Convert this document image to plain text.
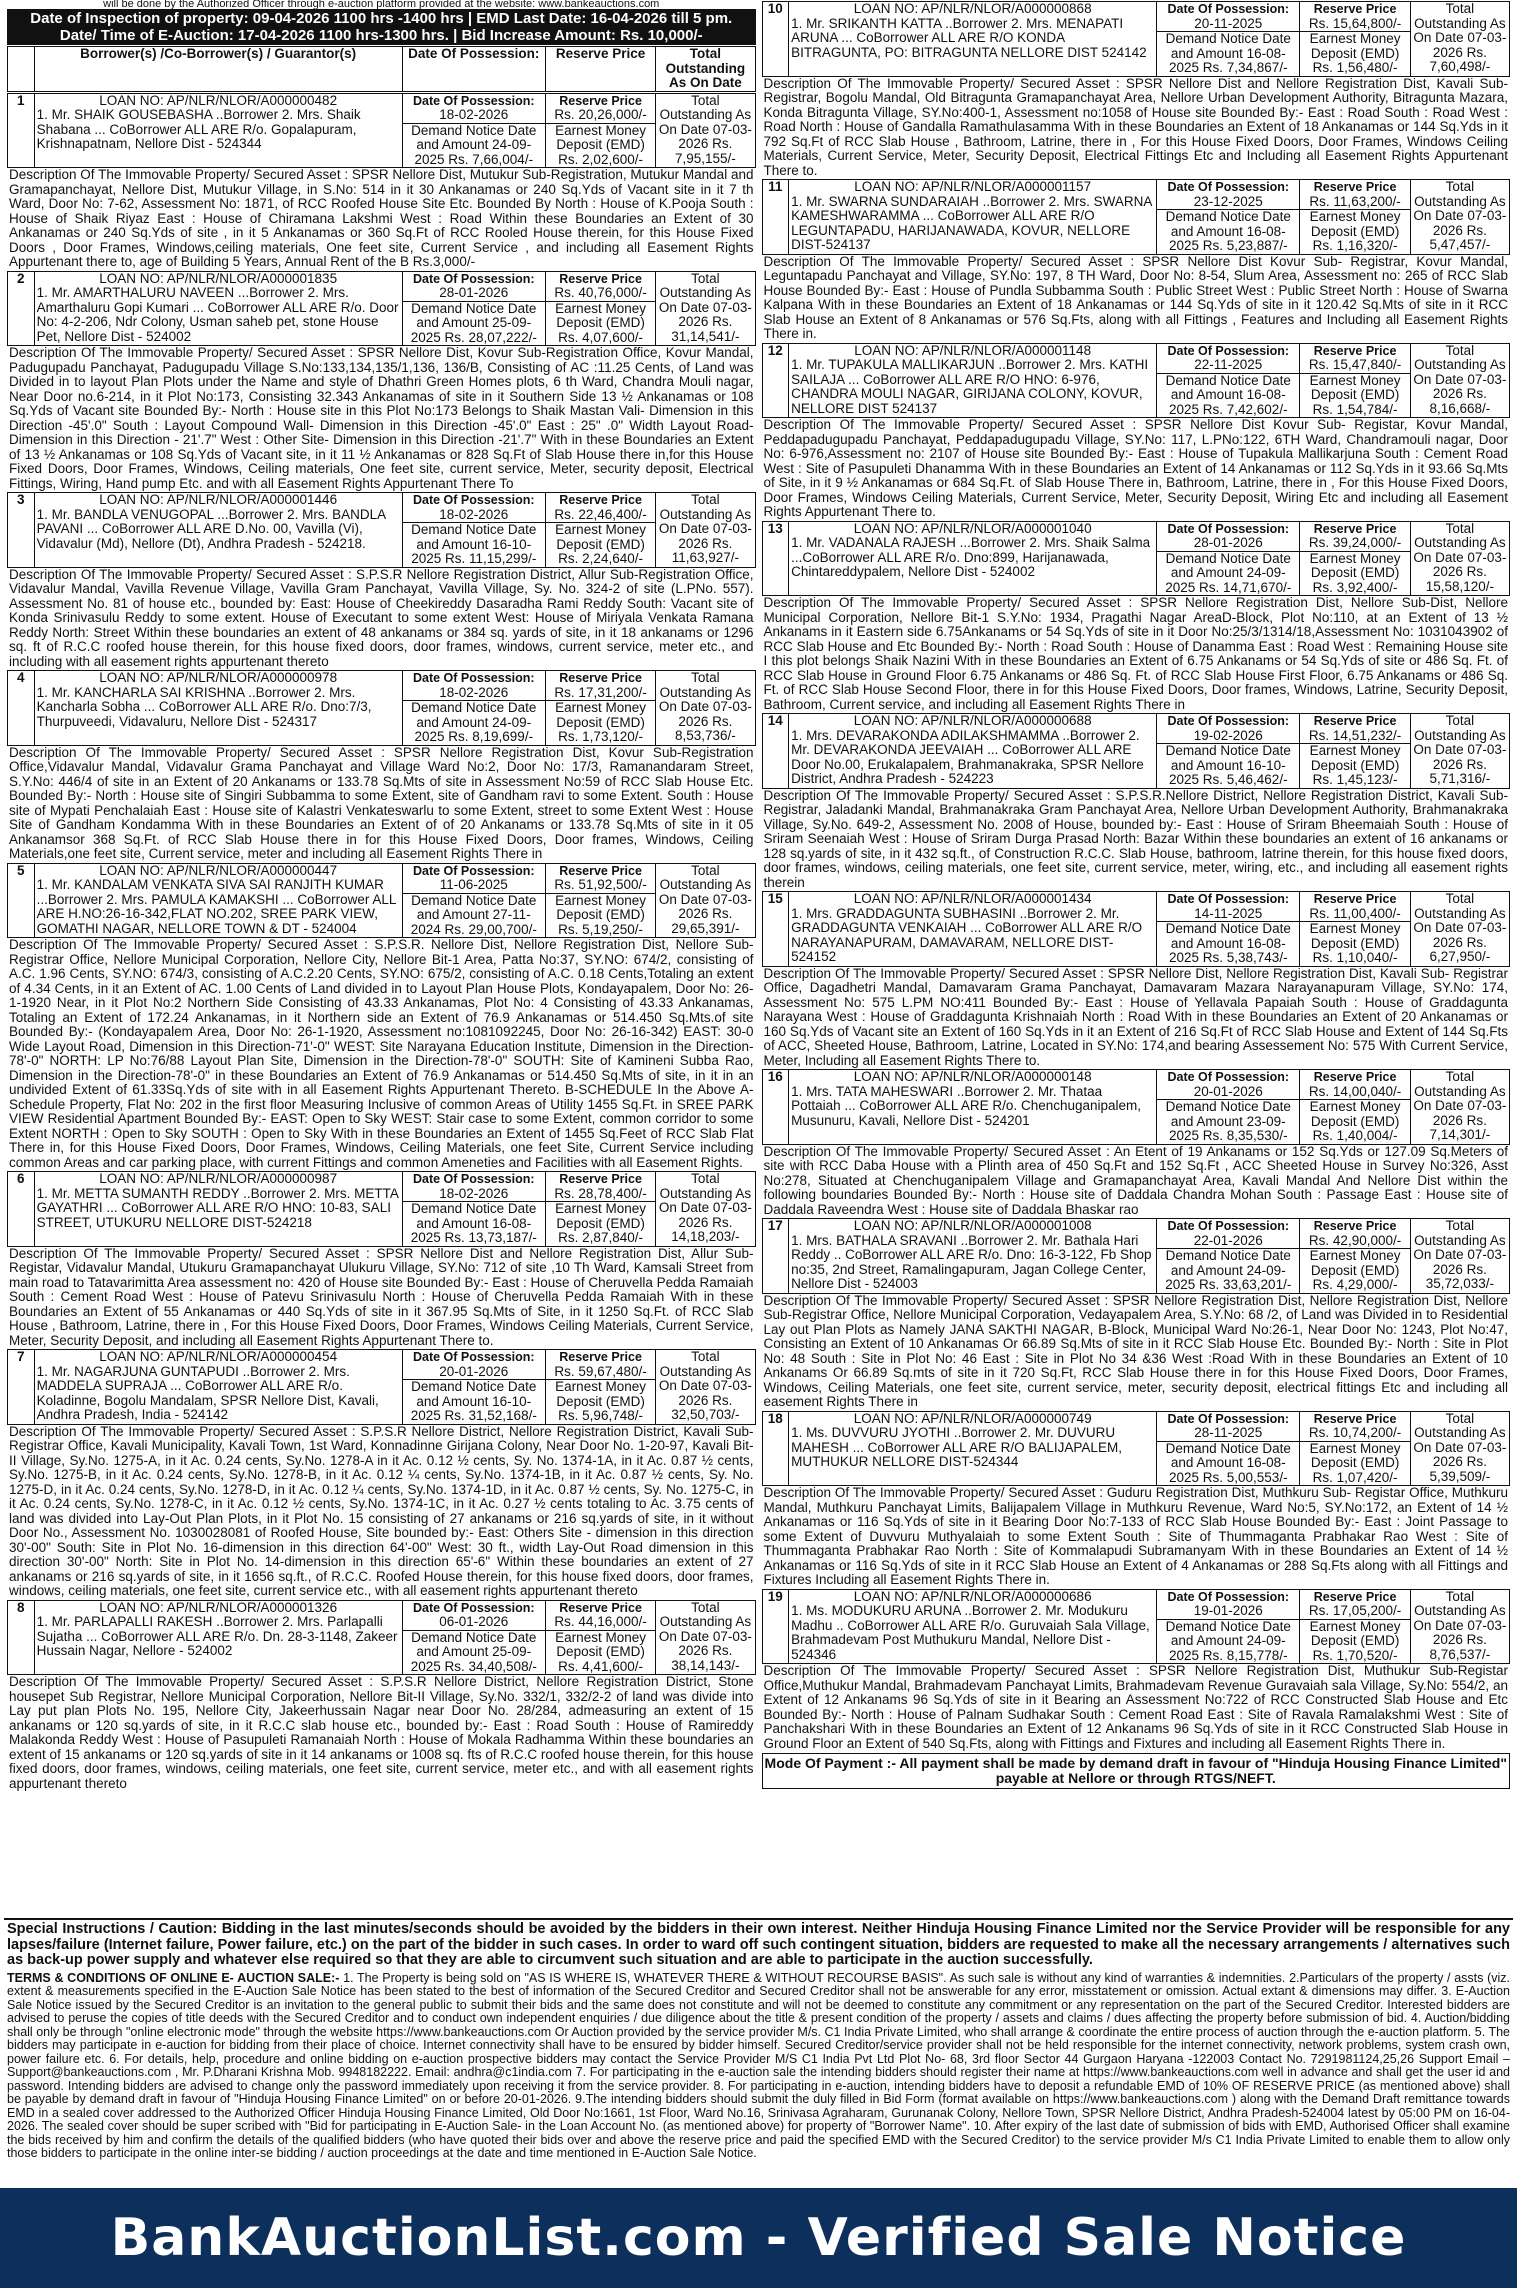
will be done by the Authorized Officer through e-auction platform provided at the website: www.bankeauctions.com
Date of Inspection of property: 09-04-2026 1100 hrs -1400 hrs | EMD Last Date: 16-04-2026 till 5 pm.
Date/ Time of E-Auction: 17-04-2026 1100 hrs-1300 hrs. | Bid Increase Amount: Rs. 10,000/-
	Borrower(s) /Co-Borrower(s) / Guarantor(s)	Date Of Possession:	Reserve Price	Total Outstanding As On Date
1	LOAN NO: AP/NLR/NLOR/A000000482
1. Mr. SHAIK GOUSEBASHA ..Borrower 2. Mrs. Shaik Shabana ... CoBorrower ALL ARE R/o. Gopalapuram, Krishnapatnam, Nellore Dist - 524344	Date Of Possession:
18-02-2026	Reserve Price
Rs. 20,26,000/-	Total Outstanding As On Date 07-03-2026 Rs. 7,95,155/-
		Demand Notice Date and Amount 24-09-2025 Rs. 7,66,004/-	Earnest Money Deposit (EMD) Rs. 2,02,600/-	
Description Of The Immovable Property/ Secured Asset : SPSR Nellore Dist, Mutukur Sub-Registration, Mutukur Mandal and Gramapanchayat, Nellore Dist, Mutukur Village, in S.No: 514 in it 30 Ankanamas or 240 Sq.Yds of Vacant site in it 7 th Ward, Door No: 7-62, Assessment No: 1871, of RCC Roofed House Site Etc. Bounded By North : House of K.Pooja South : House of Shaik Riyaz East : House of Chiramana Lakshmi West : Road Within these Boundaries an Extent of 30 Ankanamas or 240 Sq.Yds of site , in it 5 Ankanamas or 360 Sq.Ft of RCC Rooled House therein, for this House Fixed Doors , Door Frames, Windows,ceiling materials, One feet site, Current Service , and including all Easement Rights Appurtenant there to, age of Building 5 Years, Annual Rent of the B Rs.3,000/-
2	LOAN NO: AP/NLR/NLOR/A000001835
1. Mr. AMARTHALURU NAVEEN ...Borrower 2. Mrs. Amarthaluru Gopi Kumari ... CoBorrower ALL ARE R/o. Door No: 4-2-206, Ndr Colony, Usman saheb pet, stone House Pet, Nellore Dist - 524002	Date Of Possession:
28-01-2026	Reserve Price
Rs. 40,76,000/-	Total Outstanding As On Date 07-03-2026 Rs. 31,14,541/-
		Demand Notice Date and Amount 25-09-2025 Rs. 28,07,222/-	Earnest Money Deposit (EMD) Rs. 4,07,600/-	
Description Of The Immovable Property/ Secured Asset : SPSR Nellore Dist, Kovur Sub-Registration Office, Kovur Mandal, Padugupadu Panchayat, Padugupadu Village S.No:133,134,135/1,136, 136/B, Consisting of AC :11.25 Cents, of Land was Divided in to layout Plan Plots under the Name and style of Dhathri Green Homes plots, 6 th Ward, Chandra Mouli nagar, Near Door no.6-214, in it Plot No:173, Consisting 32.343 Ankanamas of site in it Southern Side 13 ½ Ankanamas or 108 Sq.Yds of Vacant site Bounded By:- North : House site in this Plot No:173 Belongs to Shaik Mastan Vali- Dimension in this Direction -45'.0" South : Layout Compound Wall- Dimension in this Direction -45'.0" East : 25" .0" Width Layout Road- Dimension in this Direction - 21'.7" West : Other Site- Dimension in this Direction -21'.7" With in these Boundaries an Extent of 13 ½ Ankanamas or 108 Sq.Yds of Vacant site, in it 11 ½ Ankanamas or 828 Sq.Ft of Slab House there in,for this House Fixed Doors, Door Frames, Windows, Ceiling materials, One feet site, current service, Meter, security deposit, Electrical Fittings, Wiring, Hand pump Etc. and with all Easement Rights Appurtenant There To
3	LOAN NO: AP/NLR/NLOR/A000001446
1. Mr. BANDLA VENUGOPAL ...Borrower 2. Mrs. BANDLA PAVANI ... CoBorrower ALL ARE D.No. 00, Vavilla (Vi), Vidavalur (Md), Nellore (Dt), Andhra Pradesh - 524218.	Date Of Possession:
18-02-2026	Reserve Price
Rs. 22,46,400/-	Total Outstanding As On Date 07-03-2026 Rs. 11,63,927/-
		Demand Notice Date and Amount 16-10-2025 Rs. 11,15,299/-	Earnest Money Deposit (EMD) Rs. 2,24,640/-	
Description Of The Immovable Property/ Secured Asset : S.P.S.R Nellore Registration District, Allur Sub-Registration Office, Vidavalur Mandal, Vavilla Revenue Village, Vavilla Gram Panchayat, Vavilla Village, Sy. No. 324-2 of site (L.PNo. 557). Assessment No. 81 of house etc., bounded by: East: House of Cheekireddy Dasaradha Rami Reddy South: Vacant site of Konda Srinivasulu Reddy to some extent. House of Executant to some extent West: House of Miriyala Venkata Ramana Reddy North: Street Within these boundaries an extent of 48 ankanams or 384 sq. yards of site, in it 18 ankanams or 1296 sq. ft of R.C.C roofed house therein, for this house fixed doors, door frames, windows, current service, meter etc., and including with all easement rights appurtenant thereto
4	LOAN NO: AP/NLR/NLOR/A000000978
1. Mr. KANCHARLA SAI KRISHNA ..Borrower 2. Mrs. Kancharla Sobha ... CoBorrower ALL ARE R/o. Dno:7/3, Thurpuveedi, Vidavaluru, Nellore Dist - 524317	Date Of Possession:
18-02-2026	Reserve Price
Rs. 17,31,200/-	Total Outstanding As On Date 07-03-2026 Rs. 8,53,736/-
		Demand Notice Date and Amount 24-09-2025 Rs. 8,19,699/-	Earnest Money Deposit (EMD) Rs. 1,73,120/-	
Description Of The Immovable Property/ Secured Asset : SPSR Nellore Registration Dist, Kovur Sub-Registration Office,Vidavalur Mandal, Vidavalur Grama Panchayat and Village Ward No:2, Door No: 17/3, Ramanandaram Street, S.Y.No: 446/4 of site in an Extent of 20 Ankanams or 133.78 Sq.Mts of site in Assessment No:59 of RCC Slab House Etc. Bounded By:- North : House site of Singiri Subbamma to some Extent, site of Gandham ravi to some Extent. South : House site of Mypati Penchalaiah East : House site of Kalastri Venkateswarlu to some Extent, street to some Extent West : House Site of Gandham Kondamma With in these Boundaries an Extent of of 20 Ankanams or 133.78 Sq.Mts of site in it 05 Ankanamsor 368 Sq.Ft. of RCC Slab House there in for this House Fixed Doors, Door frames, Windows, Ceiling Materials,one feet site, Current service, meter and including all Easement Rights There in
5	LOAN NO: AP/NLR/NLOR/A000000447
1. Mr. KANDALAM VENKATA SIVA SAI RANJITH KUMAR ...Borrower 2. Mrs. PAMULA KAMAKSHI ... CoBorrower ALL ARE H.NO:26-16-342,FLAT NO.202, SREE PARK VIEW, GOMATHI NAGAR, NELLORE TOWN & DT - 524004	Date Of Possession:
11-06-2025	Reserve Price
Rs. 51,92,500/-	Total Outstanding As On Date 07-03-2026 Rs. 29,65,391/-
		Demand Notice Date and Amount 27-11-2024 Rs. 29,00,700/-	Earnest Money Deposit (EMD) Rs. 5,19,250/-	
Description Of The Immovable Property/ Secured Asset : S.P.S.R. Nellore Dist, Nellore Registration Dist, Nellore Sub-Registrar Office, Nellore Municipal Corporation, Nellore City, Nellore Bit-1 Area, Patta No:37, SY.NO: 674/2, consisting of A.C. 1.96 Cents, SY.NO: 674/3, consisting of A.C.2.20 Cents, SY.NO: 675/2, consisting of A.C. 0.18 Cents,Totaling an extent of 4.34 Cents, in it an Extent of AC. 1.00 Cents of Land divided in to Layout Plan House Plots, Kondayapalem, Door No: 26-1-1920 Near, in it Plot No:2 Northern Side Consisting of 43.33 Ankanamas, Plot No: 4 Consisting of 43.33 Ankanamas, Totaling an Extent of 172.24 Ankanamas, in it Northern side an Extent of 76.9 Ankanamas or 514.450 Sq.Mts.of site Bounded By:- (Kondayapalem Area, Door No: 26-1-1920, Assessment no:1081092245, Door No: 26-16-342) EAST: 30-0 Wide Layout Road, Dimension in this Direction-71'-0" WEST: Site Narayana Education Institute, Dimension in the Direction-78'-0" NORTH: LP No:76/88 Layout Plan Site, Dimension in the Direction-78'-0" SOUTH: Site of Kamineni Subba Rao, Dimension in the Direction-78'-0" in these Boundaries an Extent of 76.9 Ankanamas or 514.450 Sq.Mts of site, in it in an undivided Extent of 61.33Sq.Yds of site with in all Easement Rights Appurtenant Thereto. B-SCHEDULE In the Above A-Schedule Property, Flat No: 202 in the first floor Measuring Inclusive of common Areas of Utility 1455 Sq.Ft. in SREE PARK VIEW Residential Apartment Bounded By:- EAST: Open to Sky WEST: Stair case to some Extent, common corridor to some Extent NORTH : Open to Sky SOUTH : Open to Sky With in these Boundaries an Extent of 1455 Sq.Feet of RCC Slab Flat There in, for this House Fixed Doors, Door Frames, Windows, Ceiling Materials, one feet Site, Current Service including common Areas and car parking place, with current Fittings and common Ameneties and Facilities with all Easement Rights.
6	LOAN NO: AP/NLR/NLOR/A000000987
1. Mr. METTA SUMANTH REDDY ..Borrower 2. Mrs. METTA GAYATHRI ... CoBorrower ALL ARE R/O HNO: 10-83, SALI STREET, UTUKURU NELLORE DIST-524218	Date Of Possession:
18-02-2026	Reserve Price
Rs. 28,78,400/-	Total Outstanding As On Date 07-03-2026 Rs. 14,18,203/-
		Demand Notice Date and Amount 16-08-2025 Rs. 13,73,187/-	Earnest Money Deposit (EMD) Rs. 2,87,840/-	
Description Of The Immovable Property/ Secured Asset : SPSR Nellore Dist and Nellore Registration Dist, Allur Sub- Registar, Vidavalur Mandal, Utukuru Gramapanchayat Ulukuru Village, SY.No: 712 of site ,10 Th Ward, Kamsali Street from main road to Tatavarimitta Area assessment no: 420 of House site Bounded By:- East : House of Cheruvella Pedda Ramaiah South : Cement Road West : House of Patevu Srinivasulu North : House of Cheruvella Pedda Ramaiah With in these Boundaries an Extent of 55 Ankanamas or 440 Sq.Yds of site in it 367.95 Sq.Mts of Site, in it 1250 Sq.Ft. of RCC Slab House , Bathroom, Latrine, there in , For this House Fixed Doors, Door Frames, Windows Ceiling Materials, Current Service, Meter, Security Deposit, and including all Easement Rights Appurtenant There to.
7	LOAN NO: AP/NLR/NLOR/A000000454
1. Mr. NAGARJUNA GUNTAPUDI ..Borrower 2. Mrs. MADDELA SUPRAJA ... CoBorrower ALL ARE R/o. Koladinne, Bogolu Mandalam, SPSR Nellore Dist, Kavali, Andhra Pradesh, India - 524142	Date Of Possession:
20-01-2026	Reserve Price
Rs. 59,67,480/-	Total Outstanding As On Date 07-03-2026 Rs. 32,50,703/-
		Demand Notice Date and Amount 16-10-2025 Rs. 31,52,168/-	Earnest Money Deposit (EMD) Rs. 5,96,748/-	
Description Of The Immovable Property/ Secured Asset : S.P.S.R Nellore District, Nellore Registration District, Kavali Sub-Registrar Office, Kavali Municipality, Kavali Town, 1st Ward, Konnadinne Girijana Colony, Near Door No. 1-20-97, Kavali Bit-II Village, Sy.No. 1275-A, in it Ac. 0.24 cents, Sy.No. 1278-A in it Ac. 0.12 ½ cents, Sy. No. 1374-1A, in it Ac. 0.87 ½ cents, Sy.No. 1275-B, in it Ac. 0.24 cents, Sy.No. 1278-B, in it Ac. 0.12 ¼ cents, Sy.No. 1374-1B, in it Ac. 0.87 ½ cents, Sy. No. 1275-D, in it Ac. 0.24 cents, Sy.No. 1278-D, in it Ac. 0.12 ¼ cents, Sy.No. 1374-1D, in it Ac. 0.87 ½ cents, Sy. No. 1275-C, in it Ac. 0.24 cents, Sy.No. 1278-C, in it Ac. 0.12 ½ cents, Sy.No. 1374-1C, in it Ac. 0.27 ½ cents totaling to Ac. 3.75 cents of land was divided into Lay-Out Plan Plots, in it Plot No. 15 consisting of 27 ankanams or 216 sq.yards of site, in it without Door No., Assessment No. 1030028081 of Roofed House, Site bounded by:- East: Others Site - dimension in this direction 30'-00" South: Site in Plot No. 16-dimension in this direction 64'-00" West: 30 ft., width Lay-Out Road dimension in this direction 30'-00" North: Site in Plot No. 14-dimension in this direction 65'-6" Within these boundaries an extent of 27 ankanams or 216 sq.yards of site, in it 1656 sq.ft., of R.C.C. Roofed House therein, for this house fixed doors, door frames, windows, ceiling materials, one feet site, current service etc., with all easement rights appurtenant thereto
8	LOAN NO: AP/NLR/NLOR/A000001326
1. Mr. PARLAPALLI RAKESH ..Borrower 2. Mrs. Parlapalli Sujatha ... CoBorrower ALL ARE R/o. Dn. 28-3-1148, Zakeer Hussain Nagar, Nellore - 524002	Date Of Possession:
06-01-2026	Reserve Price
Rs. 44,16,000/-	Total Outstanding As On Date 07-03-2026 Rs. 38,14,143/-
		Demand Notice Date and Amount 25-09-2025 Rs. 34,40,508/-	Earnest Money Deposit (EMD) Rs. 4,41,600/-	
Description Of The Immovable Property/ Secured Asset : S.P.S.R Nellore District, Nellore Registration District, Stone housepet Sub Registrar, Nellore Municipal Corporation, Nellore Bit-II Village, Sy.No. 332/1, 332/2-2 of land was divide into Lay put plan Plots No. 195, Nellore City, Jakeerhussain Nagar near Door No. 28/284, admeasuring an extent of 15 ankanams or 120 sq.yards of site, in it R.C.C slab house etc., bounded by:- East : Road South : House of Ramireddy Malakonda Reddy West : House of Pasupuleti Ramanaiah North : House of Mokala Radhamma Within these boundaries an extent of 15 ankanams or 120 sq.yards of site in it 14 ankanams or 1008 sq. fts of R.C.C roofed house therein, for this house fixed doors, door frames, windows, ceiling materials, one feet site, current service, meter etc., and with all easement rights appurtenant thereto
10	LOAN NO: AP/NLR/NLOR/A000000868
1. Mr. SRIKANTH KATTA ..Borrower 2. Mrs. MENAPATI ARUNA ... CoBorrower ALL ARE R/O KONDA BITRAGUNTA, PO: BITRAGUNTA NELLORE DIST 524142	Date Of Possession:
20-11-2025	Reserve Price
Rs. 15,64,800/-	Total Outstanding As On Date 07-03-2026 Rs. 7,60,498/-
		Demand Notice Date and Amount 16-08-2025 Rs. 7,34,867/-	Earnest Money Deposit (EMD) Rs. 1,56,480/-	
Description Of The Immovable Property/ Secured Asset : SPSR Nellore Dist and Nellore Registration Dist, Kavali Sub- Registrar, Bogolu Mandal, Old Bitragunta Gramapanchayat Area, Nellore Urban Development Authority, Bitragunta Mazara, Konda Bitragunta Village, SY.No:400-1, Assessment no:1058 of House site Bounded By:- East : Road South : Road West : Road North : House of Gandalla Ramathulasamma With in these Boundaries an Extent of 18 Ankanamas or 144 Sq.Yds in it 792 Sq.Ft of RCC Slab House , Bathroom, Latrine, there in , For this House Fixed Doors, Door Frames, Windows Ceiling Materials, Current Service, Meter, Security Deposit, Electrical Fittings Etc and Including all Easement Rights Appurtenant There to.
11	LOAN NO: AP/NLR/NLOR/A000001157
1. Mr. SWARNA SUNDARAIAH ..Borrower 2. Mrs. SWARNA KAMESHWARAMMA ... CoBorrower ALL ARE R/O LEGUNTAPADU, HARIJANAWADA, KOVUR, NELLORE DIST-524137	Date Of Possession:
23-12-2025	Reserve Price
Rs. 11,63,200/-	Total Outstanding As On Date 07-03-2026 Rs. 5,47,457/-
		Demand Notice Date and Amount 16-08-2025 Rs. 5,23,887/-	Earnest Money Deposit (EMD) Rs. 1,16,320/-	
Description Of The Immovable Property/ Secured Asset : SPSR Nellore Dist Kovur Sub- Registrar, Kovur Mandal, Leguntapadu Panchayat and Village, SY.No: 197, 8 TH Ward, Door No: 8-54, Slum Area, Assessment no: 265 of RCC Slab House Bounded By:- East : House of Pundla Subbamma South : Public Street West : Public Street North : House of Swarna Kalpana With in these Boundaries an Extent of 18 Ankanamas or 144 Sq.Yds of site in it 120.42 Sq.Mts of site in it RCC Slab House an Extent of 8 Ankanamas or 576 Sq.Fts, along with all Fittings , Features and Including all Easement Rights There in.
12	LOAN NO: AP/NLR/NLOR/A000001148
1. Mr. TUPAKULA MALLIKARJUN ..Borrower 2. Mrs. KATHI SAILAJA ... CoBorrower ALL ARE R/O HNO: 6-976, CHANDRA MOULI NAGAR, GIRIJANA COLONY, KOVUR, NELLORE DIST 524137	Date Of Possession:
22-11-2025	Reserve Price
Rs. 15,47,840/-	Total Outstanding As On Date 07-03-2026 Rs. 8,16,668/-
		Demand Notice Date and Amount 16-08-2025 Rs. 7,42,602/-	Earnest Money Deposit (EMD) Rs. 1,54,784/-	
Description Of The Immovable Property/ Secured Asset : SPSR Nellore Dist Kovur Sub- Registar, Kovur Mandal, Peddapadugupadu Panchayat, Peddapadugupadu Village, SY.No: 117, L.PNo:122, 6TH Ward, Chandramouli nagar, Door No: 6-976,Assessment no: 2107 of House site Bounded By:- East : House of Tupakula Mallikarjuna South : Cement Road West : Site of Pasupuleti Dhanamma With in these Boundaries an Extent of 14 Ankanamas or 112 Sq.Yds in it 93.66 Sq.Mts of Site, in it 9 ½ Ankanamas or 684 Sq.Ft. of Slab House There in, Bathroom, Latrine, there in , For this House Fixed Doors, Door Frames, Windows Ceiling Materials, Current Service, Meter, Security Deposit, Wiring Etc and including all Easement Rights Appurtenant There to.
13	LOAN NO: AP/NLR/NLOR/A000001040
1. Mr. VADANALA RAJESH ...Borrower 2. Mrs. Shaik Salma ...CoBorrower ALL ARE R/o. Dno:899, Harijanawada, Chintareddypalem, Nellore Dist - 524002	Date Of Possession:
28-01-2026	Reserve Price
Rs. 39,24,000/-	Total Outstanding As On Date 07-03-2026 Rs. 15,58,120/-
		Demand Notice Date and Amount 24-09-2025 Rs. 14,71,670/-	Earnest Money Deposit (EMD) Rs. 3,92,400/-	
Description Of The Immovable Property/ Secured Asset : SPSR Nellore Registration Dist, Nellore Sub-Dist, Nellore Municipal Corporation, Nellore Bit-1 S.Y.No: 1934, Pragathi Nagar AreaD-Block, Plot No:110, at an Extent of 13 ½ Ankanams in it Eastern side 6.75Ankanams or 54 Sq.Yds of site in it Door No:25/3/1314/18,Assessment No: 1031043902 of RCC Slab House and Etc Bounded By:- North : Road South : House of Danamma East : Road West : Remaining House site I this plot belongs Shaik Nazini With in these Boundaries an Extent of 6.75 Ankanams or 54 Sq.Yds of site or 486 Sq. Ft. of RCC Slab House in Ground Floor 6.75 Ankanams or 486 Sq. Ft. of RCC Slab House First Floor, 6.75 Ankanams or 486 Sq. Ft. of RCC Slab House Second Floor, there in for this House Fixed Doors, Door frames, Windows, Latrine, Security Deposit, Bathroom, Current service, and including all Easement Rights There in
14	LOAN NO: AP/NLR/NLOR/A000000688
1. Mrs. DEVARAKONDA ADILAKSHMAMMA ..Borrower 2. Mr. DEVARAKONDA JEEVAIAH ... CoBorrower ALL ARE Door No.00, Erukalapalem, Brahmanakraka, SPSR Nellore District, Andhra Pradesh - 524223	Date Of Possession:
19-02-2026	Reserve Price
Rs. 14,51,232/-	Total Outstanding As On Date 07-03-2026 Rs. 5,71,316/-
		Demand Notice Date and Amount 16-10-2025 Rs. 5,46,462/-	Earnest Money Deposit (EMD) Rs. 1,45,123/-	
Description Of The Immovable Property/ Secured Asset : S.P.S.R.Nellore District, Nellore Registration District, Kavali Sub-Registrar, Jaladanki Mandal, Brahmanakraka Gram Panchayat Area, Nellore Urban Development Authority, Brahmanakraka Village, Sy.No. 649-2, Assessment No. 2008 of House, bounded by:- East : House of Sriram Bheemaiah South : House of Sriram Seenaiah West : House of Sriram Durga Prasad North: Bazar Within these boundaries an extent of 16 ankanams or 128 sq.yards of site, in it 432 sq.ft., of Construction R.C.C. Slab House, bathroom, latrine therein, for this house fixed doors, door frames, windows, ceiling materials, one feet site, current service, meter, wiring, etc., and including all easement rights therein
15	LOAN NO: AP/NLR/NLOR/A000001434
1. Mrs. GRADDAGUNTA SUBHASINI ..Borrower 2. Mr. GRADDAGUNTA VENKAIAH ... CoBorrower ALL ARE R/O NARAYANAPURAM, DAMAVARAM, NELLORE DIST-524152	Date Of Possession:
14-11-2025	Reserve Price
Rs. 11,00,400/-	Total Outstanding As On Date 07-03-2026 Rs. 6,27,950/-
		Demand Notice Date and Amount 16-08-2025 Rs. 5,38,743/-	Earnest Money Deposit (EMD) Rs. 1,10,040/-	
Description Of The Immovable Property/ Secured Asset : SPSR Nellore Dist, Nellore Registration Dist, Kavali Sub- Registrar Office, Dagadhetri Mandal, Damavaram Grama Panchayat, Damavaram Mazara Narayanapuram Village, SY.No: 174, Assessment No: 575 L.PM NO:411 Bounded By:- East : House of Yellavala Papaiah South : House of Graddagunta Narayana West : House of Graddagunta Krishnaiah North : Road With in these Boundaries an Extent of 20 Ankanamas or 160 Sq.Yds of Vacant site an Extent of 160 Sq.Yds in it an Extent of 216 Sq.Ft of RCC Slab House and Extent of 144 Sq.Fts of ACC, Sheeted House, Bathroom, Latrine, Located in SY.No: 174,and bearing Assessement No: 575 With Current Service, Meter, Including all Easement Rights There to.
16	LOAN NO: AP/NLR/NLOR/A000000148
1. Mrs. TATA MAHESWARI ..Borrower 2. Mr. Thataa Pottaiah ... CoBorrower ALL ARE R/o. Chenchuganipalem, Musunuru, Kavali, Nellore Dist - 524201	Date Of Possession:
20-01-2026	Reserve Price
Rs. 14,00,040/-	Total Outstanding As On Date 07-03-2026 Rs. 7,14,301/-
		Demand Notice Date and Amount 23-09-2025 Rs. 8,35,530/-	Earnest Money Deposit (EMD) Rs. 1,40,004/-	
Description Of The Immovable Property/ Secured Asset : An Etent of 19 Ankanams or 152 Sq.Yds or 127.09 Sq.Meters of site with RCC Daba House with a Plinth area of 450 Sq.Ft and 152 Sq.Ft , ACC Sheeted House in Survey No:326, Asst No:278, Situated at Chenchuganipalem Village and Gramapanchayat Area, Kavali Mandal And Nellore Dist within the following boundaries Bounded By:- North : House site of Daddala Chandra Mohan South : Passage East : House site of Daddala Raveendra West : House site of Daddala Bhaskar rao
17	LOAN NO: AP/NLR/NLOR/A000001008
1. Mrs. BATHALA SRAVANI ..Borrower 2. Mr. Bathala Hari Reddy .. CoBorrower ALL ARE R/o. Dno: 16-3-122, Fb Shop no:35, 2nd Street, Ramalingapuram, Jagan College Center, Nellore Dist - 524003	Date Of Possession:
22-01-2026	Reserve Price
Rs. 42,90,000/-	Total Outstanding As On Date 07-03-2026 Rs. 35,72,033/-
		Demand Notice Date and Amount 24-09-2025 Rs. 33,63,201/-	Earnest Money Deposit (EMD) Rs. 4,29,000/-	
Description Of The Immovable Property/ Secured Asset : SPSR Nellore Registration Dist, Nellore Registration Dist, Nellore Sub-Registrar Office, Nellore Municipal Corporation, Vedayapalem Area, S.Y.No: 68 /2, of Land was Divided in to Residential Lay out Plan Plots as Namely JANA SAKTHI NAGAR, B-Block, Municipal Ward No:26-1, Near Door No: 1243, Plot No:47, Consisting an Extent of 10 Ankanamas Or 66.89 Sq.Mts of site in it RCC Slab House Etc. Bounded By:- North : Site in Plot No: 48 South : Site in Plot No: 46 East : Site in Plot No 34 &36 West :Road With in these Boundaries an Extent of 10 Ankanams Or 66.89 Sq.mts of site in it 720 Sq.Ft, RCC Slab House there in for this House Fixed Doors, Door Frames, Windows, Ceiling Materials, one feet site, current service, meter, security deposit, electrical fittings Etc and including all easement Rights There in
18	LOAN NO: AP/NLR/NLOR/A000000749
1. Ms. DUVVURU JYOTHI ..Borrower 2. Mr. DUVURU MAHESH ... CoBorrower ALL ARE R/O BALIJAPALEM, MUTHUKUR NELLORE DIST-524344	Date Of Possession:
28-11-2025	Reserve Price
Rs. 10,74,200/-	Total Outstanding As On Date 07-03-2026 Rs. 5,39,509/-
		Demand Notice Date and Amount 16-08-2025 Rs. 5,00,553/-	Earnest Money Deposit (EMD) Rs. 1,07,420/-	
Description Of The Immovable Property/ Secured Asset : Guduru Registration Dist, Muthkuru Sub- Registar Office, Muthkuru Mandal, Muthkuru Panchayat Limits, Balijapalem Village in Muthkuru Revenue, Ward No:5, SY.No:172, an Extent of 14 ½ Ankanamas or 116 Sq.Yds of site in it Bearing Door No:7-133 of RCC Slab House Bounded By:- East : Joint Passage to some Extent of Duvvuru Muthyalaiah to some Extent South : Site of Thummaganta Prabhakar Rao West : Site of Thummaganta Prabhakar Rao North : Site of Kommalapudi Subramanyam With in these Boundaries an Extent of 14 ½ Ankanamas or 116 Sq.Yds of site in it RCC Slab House an Extent of 4 Ankanamas or 288 Sq.Fts along with all Fittings and Fixtures Including all Easement Rights There in.
19	LOAN NO: AP/NLR/NLOR/A000000686
1. Ms. MODUKURU ARUNA ..Borrower 2. Mr. Modukuru Madhu .. CoBorrower ALL ARE R/o. Guruvaiah Sala Village, Brahmadevam Post Muthukuru Mandal, Nellore Dist - 524346	Date Of Possession:
19-01-2026	Reserve Price
Rs. 17,05,200/-	Total Outstanding As On Date 07-03-2026 Rs. 8,76,537/-
		Demand Notice Date and Amount 24-09-2025 Rs. 8,15,778/-	Earnest Money Deposit (EMD) Rs. 1,70,520/-	
Description Of The Immovable Property/ Secured Asset : SPSR Nellore Registration Dist, Muthukur Sub-Registar Office,Muthukur Mandal, Brahmadevam Panchayat Limits, Brahmadevam Revenue Guravaiah sala Village, Sy.No: 554/2, an Extent of 12 Ankanams 96 Sq.Yds of site in it Bearing an Assessment No:722 of RCC Constructed Slab House and Etc Bounded By:- North : House of Palnam Sudhakar South : Cement Road East : Site of Ravala Ramalakshmi West : Site of Panchakshari With in these Boundaries an Extent of 12 Ankanams 96 Sq.Yds of site in it RCC Constructed Slab House in Ground Floor an Extent of 540 Sq.Fts, along with Fittings and Fixtures and including all Easement Rights There in.
Mode Of Payment :- All payment shall be made by demand draft in favour of "Hinduja Housing Finance Limited" payable at Nellore or through RTGS/NEFT.
Special Instructions / Caution: Bidding in the last minutes/seconds should be avoided by the bidders in their own interest. Neither Hinduja Housing Finance Limited nor the Service Provider will be responsible for any lapses/failure (Internet failure, Power failure, etc.) on the part of the bidder in such cases. In order to ward off such contingent situation, bidders are requested to make all the necessary arrangements / alternatives such as back-up power supply and whatever else required so that they are able to circumvent such situation and are able to participate in the auction successfully.
TERMS & CONDITIONS OF ONLINE E- AUCTION SALE:- 1. The Property is being sold on "AS IS WHERE IS, WHATEVER THERE & WITHOUT RECOURSE BASIS". As such sale is without any kind of warranties & indemnities. 2.Particulars of the property / assts (viz. extent & measurements specified in the E-Auction Sale Notice has been stated to the best of information of the Secured Creditor and Secured Creditor shall not be answerable for any error, misstatement or omission. Actual extant & dimensions may differ. 3. E-Auction Sale Notice issued by the Secured Creditor is an invitation to the general public to submit their bids and the same does not constitute and will not be deemed to constitute any commitment or any representation on the part of the Secured Creditor. Interested bidders are advised to peruse the copies of title deeds with the Secured Creditor and to conduct own independent enquiries / due diligence about the title & present condition of the property / assets and claims / dues affecting the property before submission of bid. 4. Auction/bidding shall only be through "online electronic mode" through the website https://www.bankeauctions.com Or Auction provided by the service provider M/s. C1 India Private Limited, who shall arrange & coordinate the entire process of auction through the e-auction platform. 5. The bidders may participate in e-auction for bidding from their place of choice. Internet connectivity shall have to be ensured by bidder himself. Secured Creditor/service provider shall not be held responsible for the internet connectivity, network problems, system crash own, power failure etc. 6. For details, help, procedure and online bidding on e-auction prospective bidders may contact the Service Provider M/S C1 India Pvt Ltd Plot No- 68, 3rd floor Sector 44 Gurgaon Haryana -122003 Contact No. 7291981124,25,26 Support Email – Support@bankeauctions.com , Mr. P.Dharani Krishna Mob. 9948182222. Email: andhra@c1india.com 7. For participating in the e-auction sale the intending bidders should register their name at https://www.bankeauctions.com well in advance and shall get the user id and password. Intending bidders are advised to change only the password immediately upon receiving it from the service provider. 8. For participating in e-auction, intending bidders have to deposit a refundable EMD of 10% OF RESERVE PRICE (as mentioned above) shall be payable by demand draft in favour of "Hinduja Housing Finance Limited" on or before 20-01-2026. 9.The intending bidders should submit the duly filled in Bid Form (format available on https://www.bankeauctions.com ) along with the Demand Draft remittance towards EMD in a sealed cover addressed to the Authorized Officer Hinduja Housing Finance Limited, Old Door No:1661, 1st Floor, Ward No.16, Srinivasa Agraharam, Gurunanak Colony, Nellore Town, SPSR Nellore District, Andhra Pradesh-524004 latest by 05:00 PM on 16-04-2026. The sealed cover should be super scribed with "Bid for participating in E-Auction Sale- in the Loan Account No. (as mentioned above) for property of "Borrower Name". 10. After expiry of the last date of submission of bids with EMD, Authorised Officer shall examine the bids received by him and confirm the details of the qualified bidders (who have quoted their bids over and above the reserve price and paid the specified EMD with the Secured Creditor) to the service provider M/s C1 India Private Limited to enable them to allow only those bidders to participate in the online inter-se bidding / auction proceedings at the date and time mentioned in E-Auction Sale Notice.
BankAuctionList.com - Verified Sale Notice
